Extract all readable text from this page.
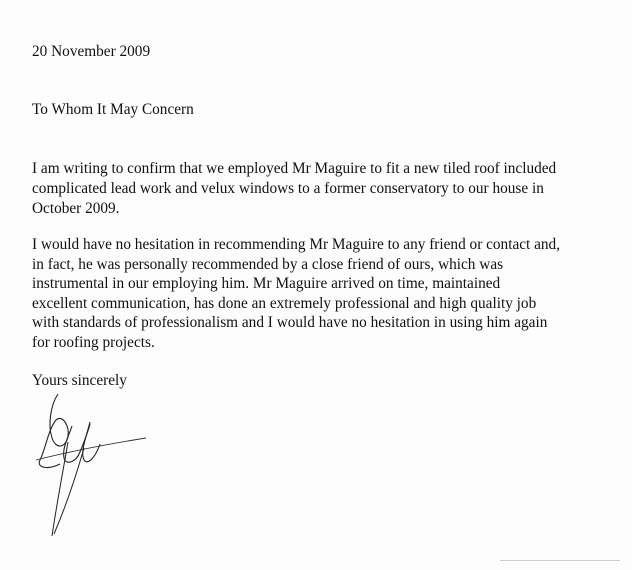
20 November 2009
To Whom It May Concern
I am writing to confirm that we employed Mr Maguire to fit a new tiled roof included
complicated lead work and velux windows to a former conservatory to our house in
October 2009.
I would have no hesitation in recommending Mr Maguire to any friend or contact and,
in fact, he was personally recommended by a close friend of ours, which was
instrumental in our employing him. Mr Maguire arrived on time, maintained
excellent communication, has done an extremely professional and high quality job
with standards of professionalism and I would have no hesitation in using him again
for roofing projects.
Yours sincerely
